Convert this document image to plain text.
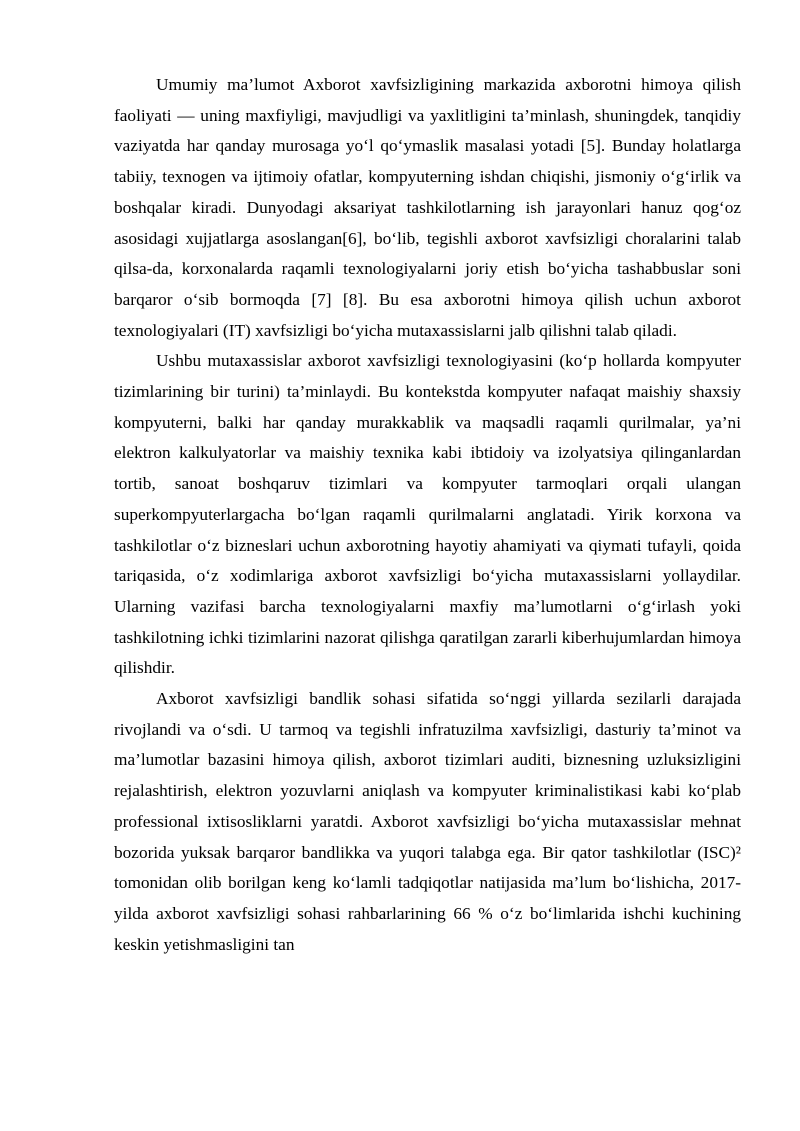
Umumiy ma’lumot Axborot xavfsizligining markazida axborotni himoya qilish faoliyati — uning maxfiyligi, mavjudligi va yaxlitligini ta’minlash, shuningdek, tanqidiy vaziyatda har qanday murosaga yo‘l qo‘ymaslik masalasi yotadi [5]. Bunday holatlarga tabiiy, texnogen va ijtimoiy ofatlar, kompyuterning ishdan chiqishi, jismoniy o‘g‘irlik va boshqalar kiradi. Dunyodagi aksariyat tashkilotlarning ish jarayonlari hanuz qog‘oz asosidagi xujjatlarga asoslangan[6], bo‘lib, tegishli axborot xavfsizligi choralarini talab qilsa-da, korxonalarda raqamli texnologiyalarni joriy etish bo‘yicha tashabbuslar soni barqaror o‘sib bormoqda [7] [8]. Bu esa axborotni himoya qilish uchun axborot texnologiyalari (IT) xavfsizligi bo‘yicha mutaxassislarni jalb qilishni talab qiladi.

Ushbu mutaxassislar axborot xavfsizligi texnologiyasini (ko‘p hollarda kompyuter tizimlarining bir turini) ta’minlaydi. Bu kontekstda kompyuter nafaqat maishiy shaxsiy kompyuterni, balki har qanday murakkablik va maqsadli raqamli qurilmalar, ya’ni elektron kalkulyatorlar va maishiy texnika kabi ibtidoiy va izolyatsiya qilinganlardan tortib, sanoat boshqaruv tizimlari va kompyuter tarmoqlari orqali ulangan superkompyuterlargacha bo‘lgan raqamli qurilmalarni anglatadi. Yirik korxona va tashkilotlar o‘z bizneslari uchun axborotning hayotiy ahamiyati va qiymati tufayli, qoida tariqasida, o‘z xodimlariga axborot xavfsizligi bo‘yicha mutaxassislarni yollaydilar. Ularning vazifasi barcha texnologiyalarni maxfiy ma’lumotlarni o‘g‘irlash yoki tashkilotning ichki tizimlarini nazorat qilishga qaratilgan zararli kiberhujumlardan himoya qilishdir.

Axborot xavfsizligi bandlik sohasi sifatida so‘nggi yillarda sezilarli darajada rivojlandi va o‘sdi. U tarmoq va tegishli infratuzilma xavfsizligi, dasturiy ta’minot va ma’lumotlar bazasini himoya qilish, axborot tizimlari auditi, biznesning uzluksizligini rejalashtirish, elektron yozuvlarni aniqlash va kompyuter kriminalistikasi kabi ko‘plab professional ixtisosliklarni yaratdi. Axborot xavfsizligi bo‘yicha mutaxassislar mehnat bozorida yuksak barqaror bandlikka va yuqori talabga ega. Bir qator tashkilotlar (ISC)² tomonidan olib borilgan keng ko‘lamli tadqiqotlar natijasida ma’lum bo‘lishicha, 2017-yilda axborot xavfsizligi sohasi rahbarlarining 66 % o‘z bo‘limlarida ishchi kuchining keskin yetishmasligini tan
